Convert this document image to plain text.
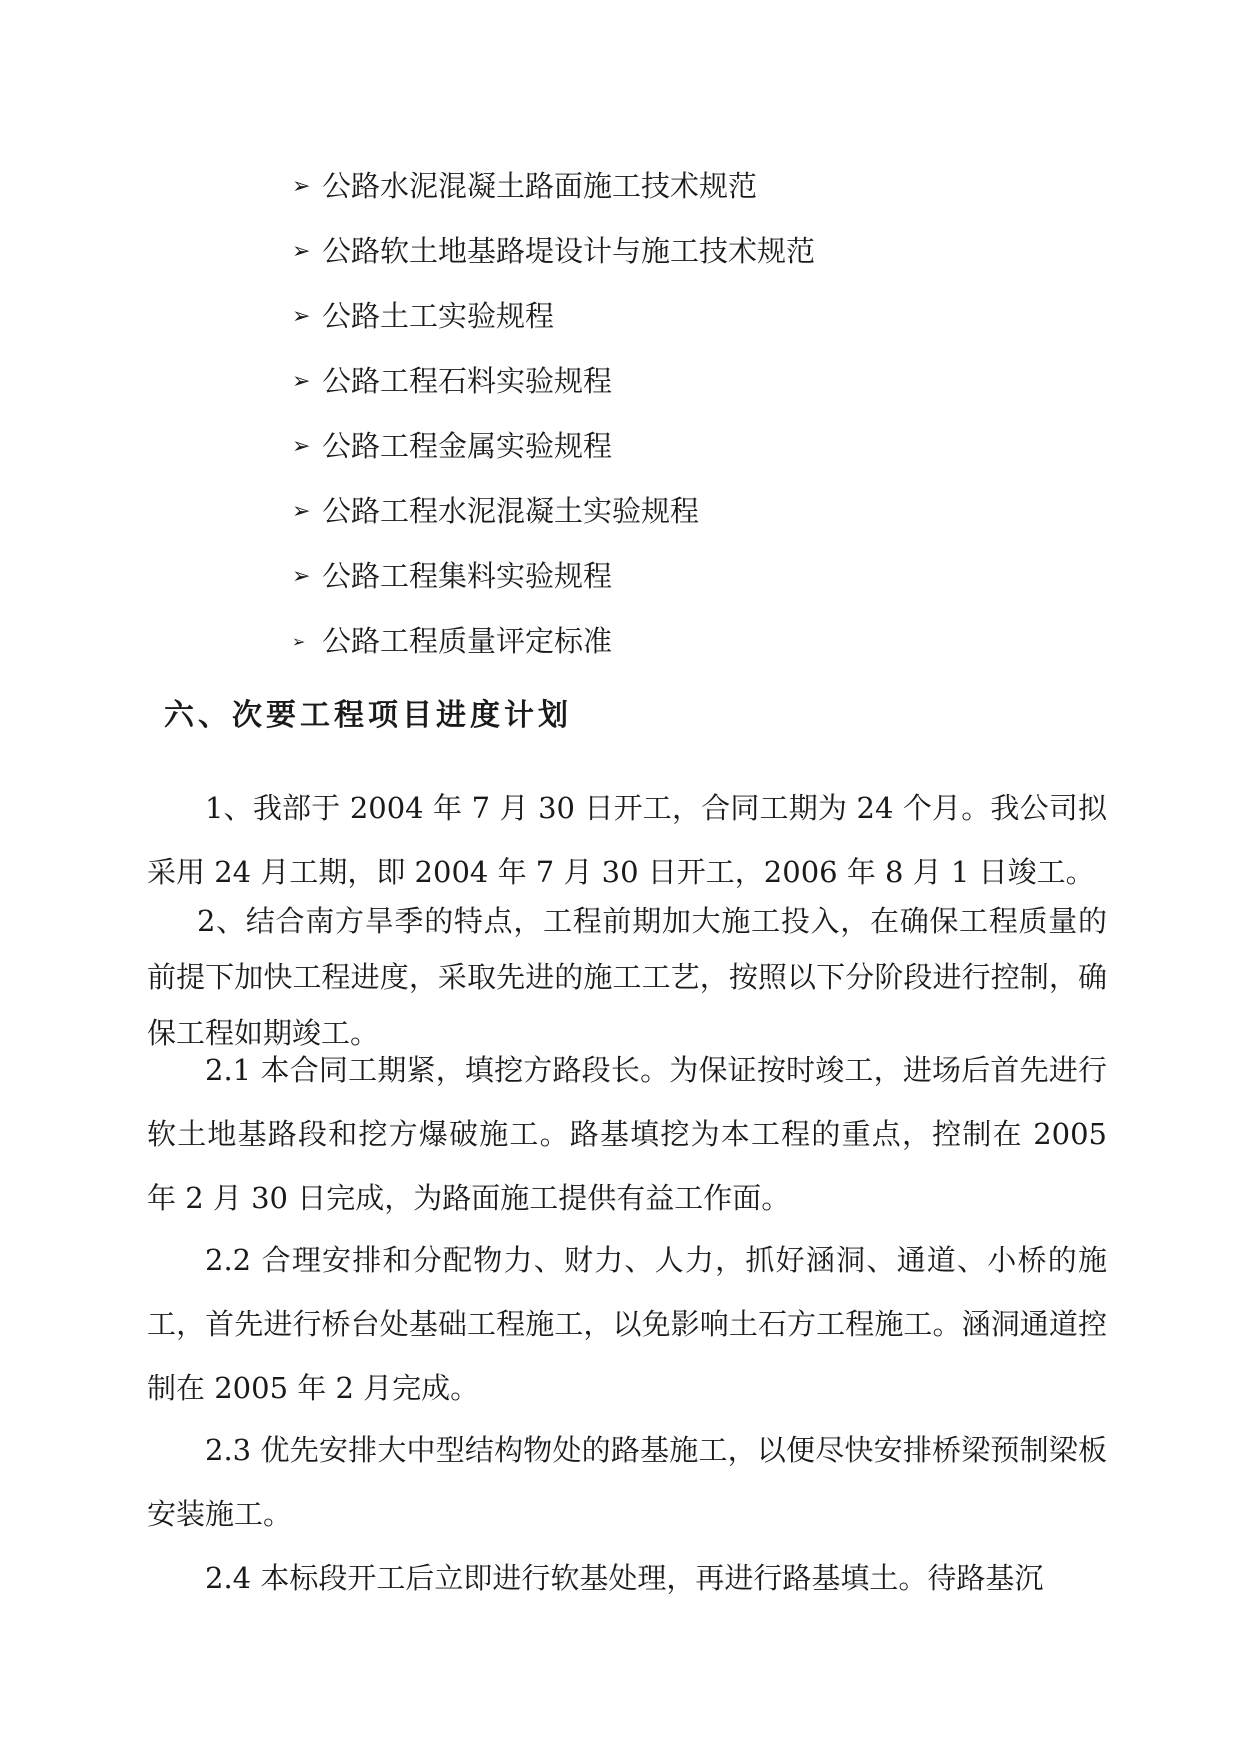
➢ 公路水泥混凝土路面施工技术规范
➢ 公路软土地基路堤设计与施工技术规范
➢ 公路土工实验规程
➢ 公路工程石料实验规程
➢ 公路工程金属实验规程
➢ 公路工程水泥混凝土实验规程
➢ 公路工程集料实验规程
➢ 公路工程质量评定标准
六、次要工程项目进度计划

1、我部于 2004 年 7 月 30 日开工，合同工期为 24 个月。我公司拟采用 24 月工期，即 2004 年 7 月 30 日开工，2006 年 8 月 1 日竣工。

2、结合南方旱季的特点，工程前期加大施工投入，在确保工程质量的前提下加快工程进度，采取先进的施工工艺，按照以下分阶段进行控制，确保工程如期竣工。

2.1 本合同工期紧，填挖方路段长。为保证按时竣工，进场后首先进行软土地基路段和挖方爆破施工。路基填挖为本工程的重点，控制在 2005 年 2 月 30 日完成，为路面施工提供有益工作面。

2.2 合理安排和分配物力、财力、人力，抓好涵洞、通道、小桥的施工，首先进行桥台处基础工程施工，以免影响土石方工程施工。涵洞通道控制在 2005 年 2 月完成。

2.3 优先安排大中型结构物处的路基施工，以便尽快安排桥梁预制梁板安装施工。

2.4 本标段开工后立即进行软基处理，再进行路基填土。待路基沉
